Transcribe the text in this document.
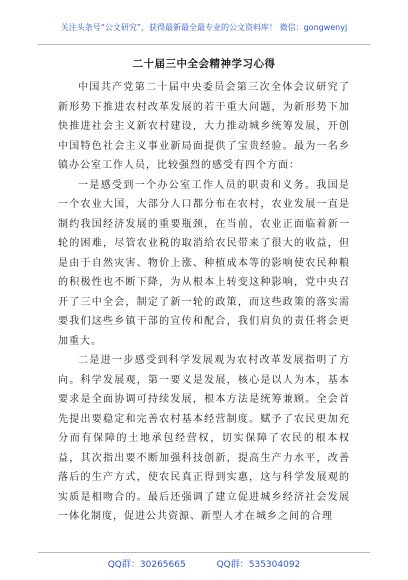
关注头条号“公文研究”，获得最新最全最专业的公文资料库！ 微信：gongwenyj
二十届三中全会精神学习心得

中国共产党第二十届中央委员会第三次全体会议研究了新形势下推进农村改革发展的若干重大问题，为新形势下加快推进社会主义新农村建设，大力推动城乡统筹发展，开创中国特色社会主义事业新局面提供了宝贵经验。最为一名乡镇办公室工作人员，比较强烈的感受有四个方面：

一是感受到一个办公室工作人员的职责和义务。我国是一个农业大国，大部分人口都分布在农村，农业发展一直是制约我国经济发展的重要瓶颈，在当前，农业正面临着新一轮的困难，尽管农业税的取消给农民带来了很大的收益，但是由于自然灾害、物价上涨、种植成本等的影响使农民种粮的积极性也不断下降，为从根本上转变这种影响，党中央召开了三中全会，制定了新一轮的政策，而这些政策的落实需要我们这些乡镇干部的宣传和配合，我们肩负的责任将会更加重大。

二是进一步感受到科学发展观为农村改革发展指明了方向。科学发展观，第一要义是发展，核心是以人为本，基本要求是全面协调可持续发展，根本方法是统筹兼顾。全会首先提出要稳定和完善农村基本经营制度。赋予了农民更加充分而有保障的土地承包经营权，切实保障了农民的根本权益，其次指出要不断加强科技创新，提高生产力水平，改善落后的生产方式，使农民真正得到实惠，这与科学发展观的实质是相吻合的。最后还强调了建立促进城乡经济社会发展一体化制度，促进公共资源、新型人才在城乡之间的合理

QQ群：30265665	QQ群：535304092
